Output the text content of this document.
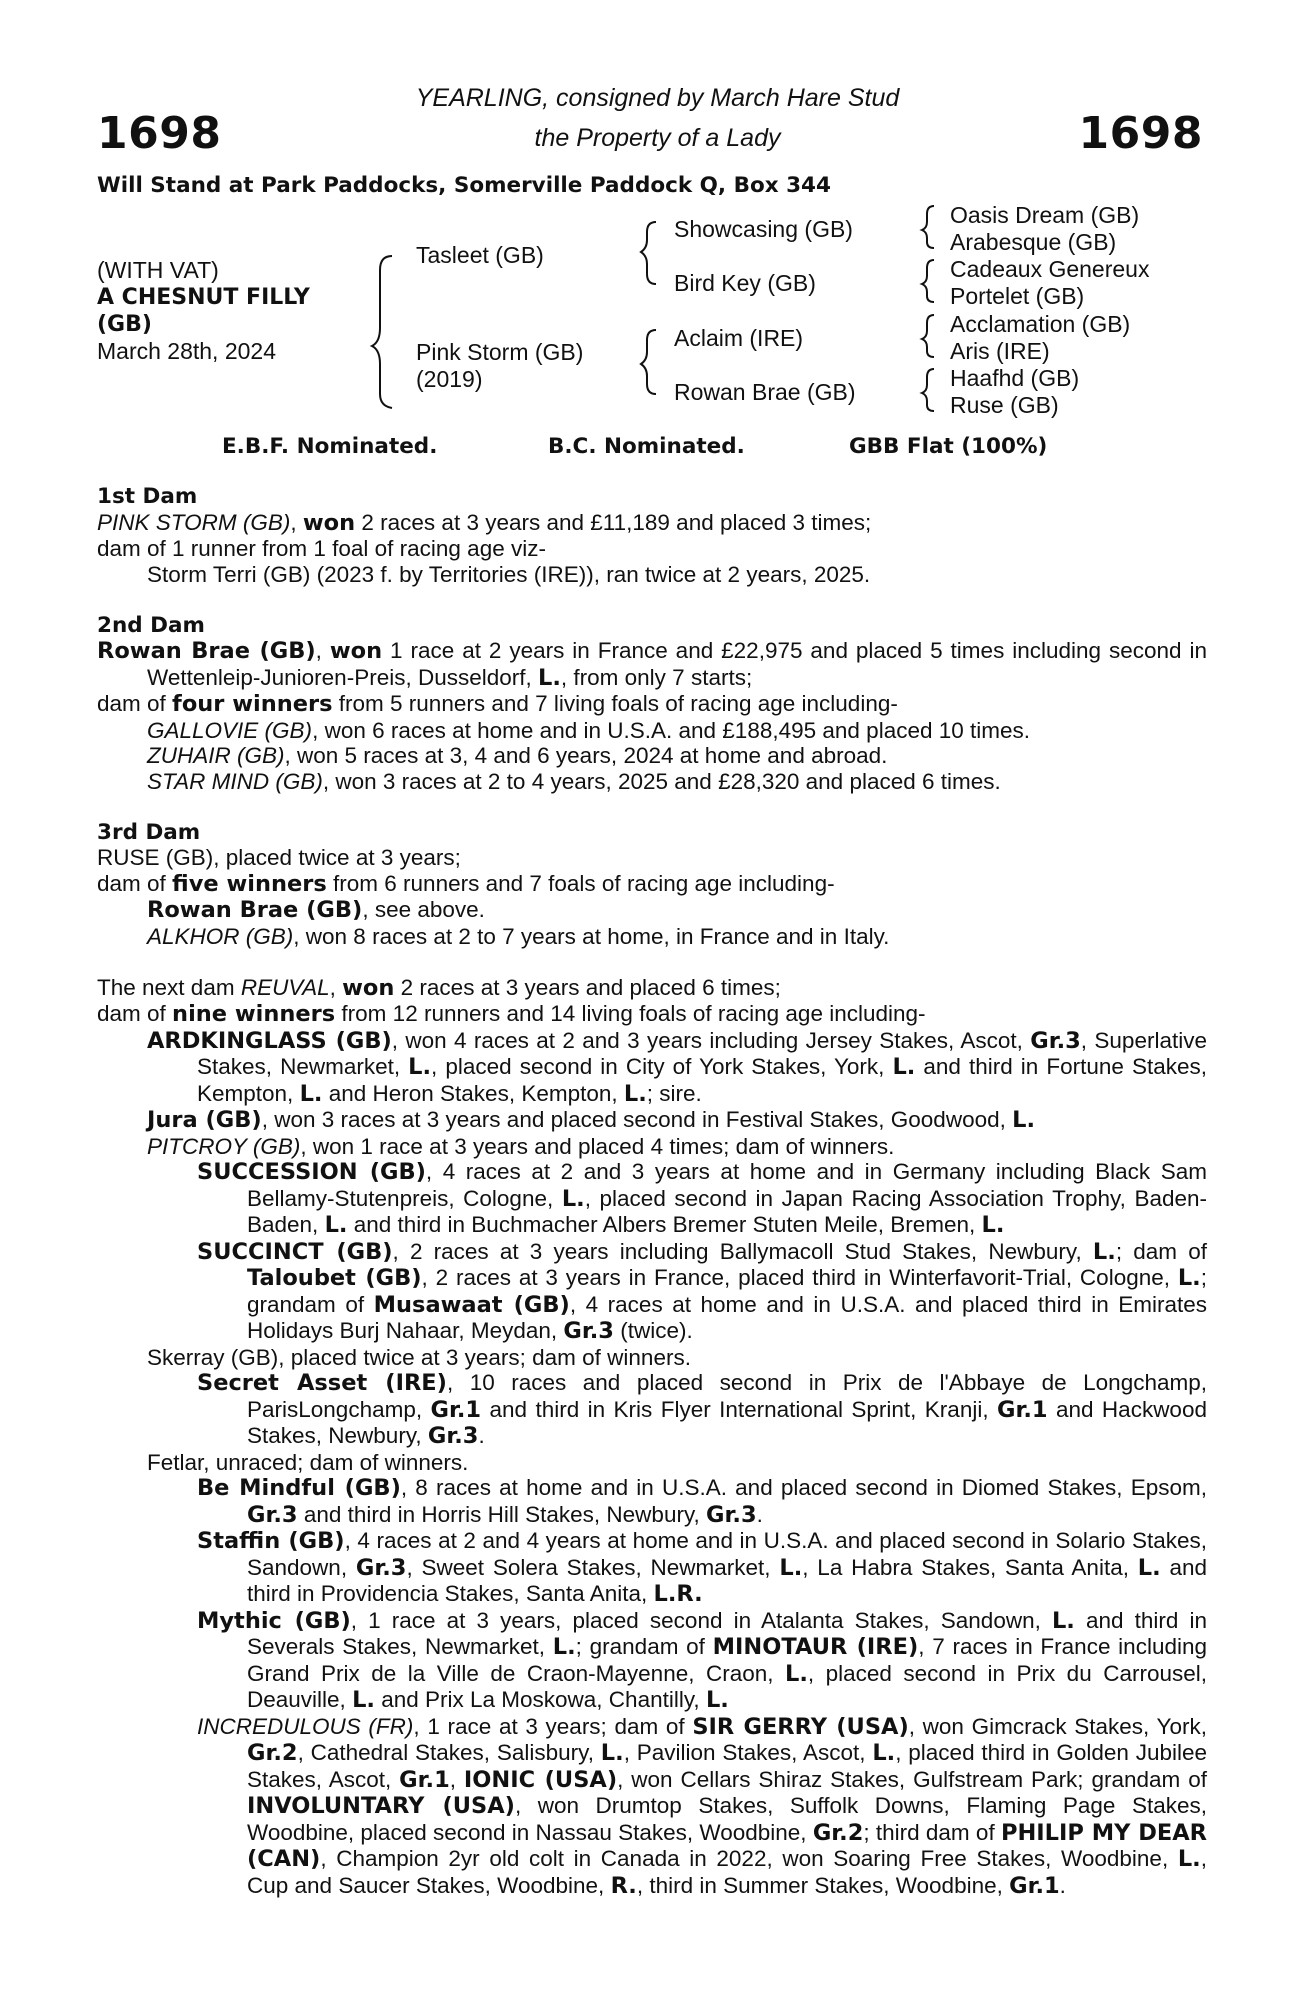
1698	1698
YEARLING, consigned by March Hare Stud
the Property of a Lady
Will Stand at Park Paddocks, Somerville Paddock Q, Box 344
(WITH VAT)
A CHESNUT FILLY
(GB)
March 28th, 2024
Tasleet (GB)
Pink Storm (GB)
(2019)
Showcasing (GB)
Bird Key (GB)
Aclaim (IRE)
Rowan Brae (GB)
Oasis Dream (GB)
Arabesque (GB)
Cadeaux Genereux
Portelet (GB)
Acclamation (GB)
Aris (IRE)
Haafhd (GB)
Ruse (GB)
E.B.F. Nominated.	B.C. Nominated.	GBB Flat (100%)

1st Dam

PINK STORM (GB), won 2 races at 3 years and £11,189 and placed 3 times;

dam of 1 runner from 1 foal of racing age viz-

Storm Terri (GB) (2023 f. by Territories (IRE)), ran twice at 2 years, 2025.

2nd Dam

Rowan Brae (GB), won 1 race at 2 years in France and £22,975 and placed 5 times including second in Wettenleip-Junioren-Preis, Dusseldorf, L., from only 7 starts;

dam of four winners from 5 runners and 7 living foals of racing age including-

GALLOVIE (GB), won 6 races at home and in U.S.A. and £188,495 and placed 10 times.

ZUHAIR (GB), won 5 races at 3, 4 and 6 years, 2024 at home and abroad.

STAR MIND (GB), won 3 races at 2 to 4 years, 2025 and £28,320 and placed 6 times.

3rd Dam

RUSE (GB), placed twice at 3 years;

dam of five winners from 6 runners and 7 foals of racing age including-

Rowan Brae (GB), see above.

ALKHOR (GB), won 8 races at 2 to 7 years at home, in France and in Italy.

The next dam REUVAL, won 2 races at 3 years and placed 6 times;

dam of nine winners from 12 runners and 14 living foals of racing age including-

ARDKINGLASS (GB), won 4 races at 2 and 3 years including Jersey Stakes, Ascot, Gr.3, Superlative Stakes, Newmarket, L., placed second in City of York Stakes, York, L. and third in Fortune Stakes, Kempton, L. and Heron Stakes, Kempton, L.; sire.

Jura (GB), won 3 races at 3 years and placed second in Festival Stakes, Goodwood, L.

PITCROY (GB), won 1 race at 3 years and placed 4 times; dam of winners.

SUCCESSION (GB), 4 races at 2 and 3 years at home and in Germany including Black Sam Bellamy-Stutenpreis, Cologne, L., placed second in Japan Racing Association Trophy, Baden-Baden, L. and third in Buchmacher Albers Bremer Stuten Meile, Bremen, L.

SUCCINCT (GB), 2 races at 3 years including Ballymacoll Stud Stakes, Newbury, L.; dam of Taloubet (GB), 2 races at 3 years in France, placed third in Winterfavorit-Trial, Cologne, L.; grandam of Musawaat (GB), 4 races at home and in U.S.A. and placed third in Emirates Holidays Burj Nahaar, Meydan, Gr.3 (twice).

Skerray (GB), placed twice at 3 years; dam of winners.

Secret Asset (IRE), 10 races and placed second in Prix de l'Abbaye de Longchamp, ParisLongchamp, Gr.1 and third in Kris Flyer International Sprint, Kranji, Gr.1 and Hackwood Stakes, Newbury, Gr.3.

Fetlar, unraced; dam of winners.

Be Mindful (GB), 8 races at home and in U.S.A. and placed second in Diomed Stakes, Epsom, Gr.3 and third in Horris Hill Stakes, Newbury, Gr.3.

Staffin (GB), 4 races at 2 and 4 years at home and in U.S.A. and placed second in Solario Stakes, Sandown, Gr.3, Sweet Solera Stakes, Newmarket, L., La Habra Stakes, Santa Anita, L. and third in Providencia Stakes, Santa Anita, L.R.

Mythic (GB), 1 race at 3 years, placed second in Atalanta Stakes, Sandown, L. and third in Severals Stakes, Newmarket, L.; grandam of MINOTAUR (IRE), 7 races in France including Grand Prix de la Ville de Craon-Mayenne, Craon, L., placed second in Prix du Carrousel, Deauville, L. and Prix La Moskowa, Chantilly, L.

INCREDULOUS (FR), 1 race at 3 years; dam of SIR GERRY (USA), won Gimcrack Stakes, York, Gr.2, Cathedral Stakes, Salisbury, L., Pavilion Stakes, Ascot, L., placed third in Golden Jubilee Stakes, Ascot, Gr.1, IONIC (USA), won Cellars Shiraz Stakes, Gulfstream Park; grandam of INVOLUNTARY (USA), won Drumtop Stakes, Suffolk Downs, Flaming Page Stakes, Woodbine, placed second in Nassau Stakes, Woodbine, Gr.2; third dam of PHILIP MY DEAR (CAN), Champion 2yr old colt in Canada in 2022, won Soaring Free Stakes, Woodbine, L., Cup and Saucer Stakes, Woodbine, R., third in Summer Stakes, Woodbine, Gr.1.
